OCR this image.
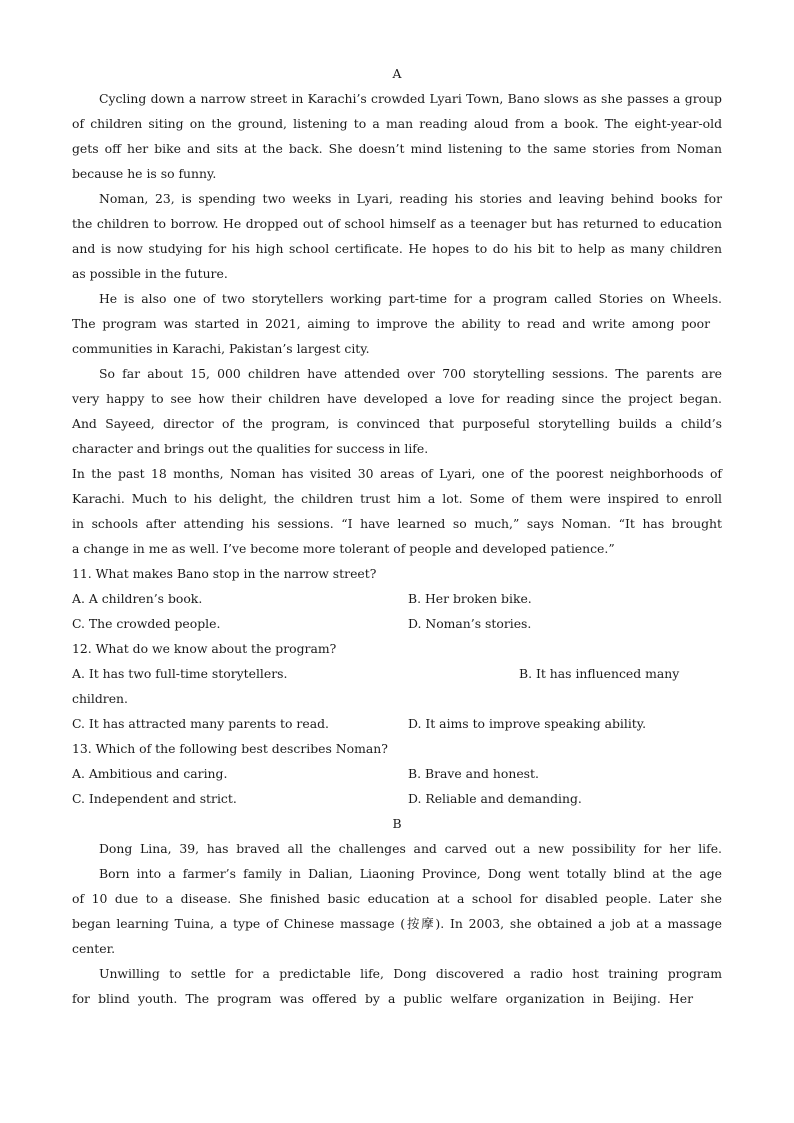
A
Cycling down a narrow street in Karachi’s crowded Lyari Town, Bano slows as she passes a group
of children siting on the ground, listening to a man reading aloud from a book. The eight-year-old
gets off her bike and sits at the back. She doesn’t mind listening to the same stories from Noman
because he is so funny.
Noman, 23, is spending two weeks in Lyari, reading his stories and leaving behind books for
the children to borrow. He dropped out of school himself as a teenager but has returned to education
and is now studying for his high school certificate. He hopes to do his bit to help as many children
as possible in the future.
He is also one of two storytellers working part-time for a program called Stories on Wheels.
The program was started in 2021, aiming to improve the ability to read and write among poor
communities in Karachi, Pakistan’s largest city.
So far about 15, 000 children have attended over 700 storytelling sessions. The parents are
very happy to see how their children have developed a love for reading since the project began.
And Sayeed, director of the program, is convinced that purposeful storytelling builds a child’s
character and brings out the qualities for success in life.
In the past 18 months, Noman has visited 30 areas of Lyari, one of the poorest neighborhoods of
Karachi. Much to his delight, the children trust him a lot. Some of them were inspired to enroll
in schools after attending his sessions. “I have learned so much,” says Noman. “It has brought
a change in me as well. I’ve become more tolerant of people and developed patience.”
11. What makes Bano stop in the narrow street?
A. A children’s book.	B. Her broken bike.
C. The crowded people.	D. Noman’s stories.
12. What do we know about the program?
A. It has two full-time storytellers.	B. It has influenced many
children.
C. It has attracted many parents to read.	D. It aims to improve speaking ability.
13. Which of the following best describes Noman?
A. Ambitious and caring.	B. Brave and honest.
C. Independent and strict.	D. Reliable and demanding.
B
Dong Lina, 39, has braved all the challenges and carved out a new possibility for her life.
Born into a farmer’s family in Dalian, Liaoning Province, Dong went totally blind at the age
of 10 due to a disease. She finished basic education at a school for disabled people. Later she
began learning Tuina, a type of Chinese massage (按摩). In 2003, she obtained a job at a massage
center.
Unwilling to settle for a predictable life, Dong discovered a radio host training program
for blind youth. The program was offered by a public welfare organization in Beijing. Her
